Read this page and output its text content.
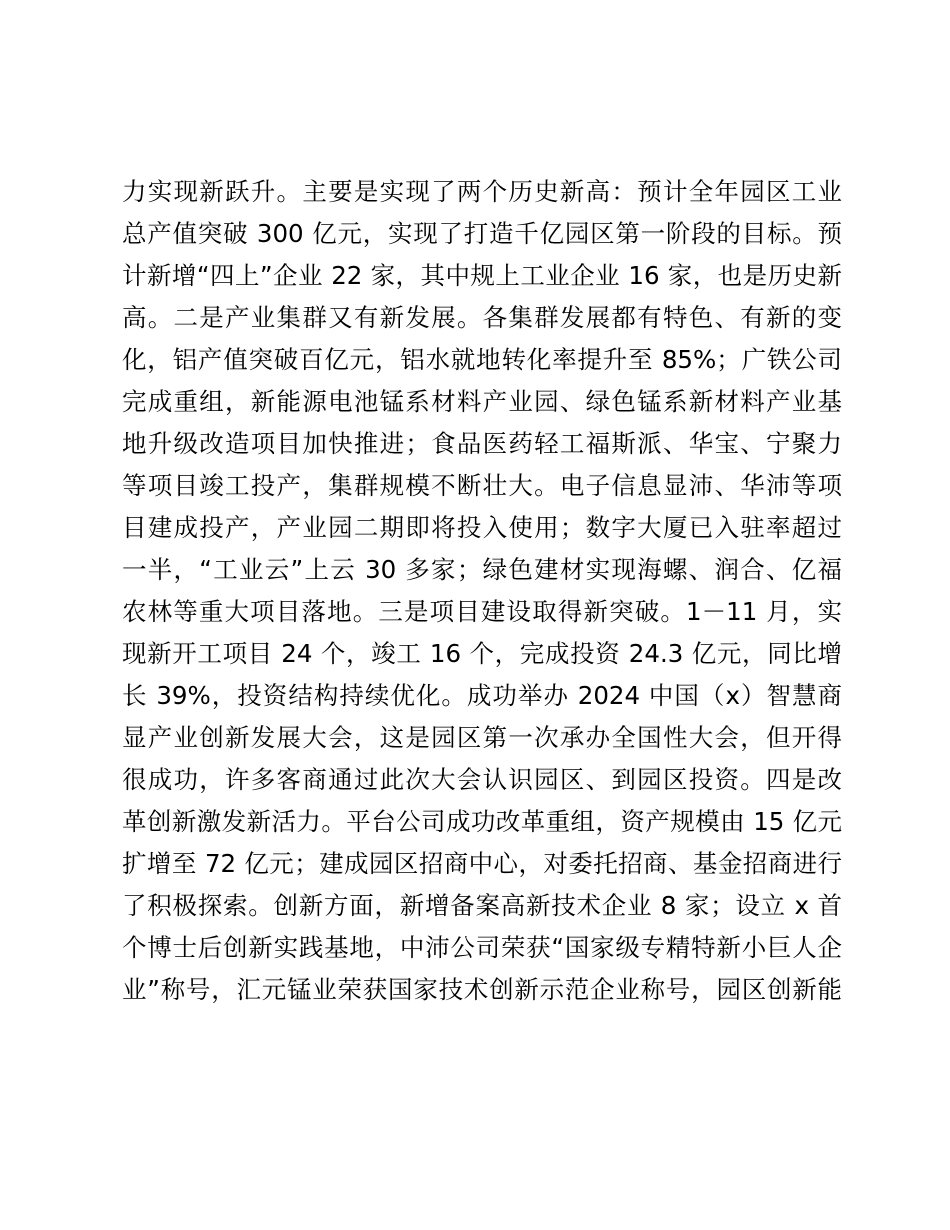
力实现新跃升。主要是实现了两个历史新高：预计全年园区工业
总产值突破 300 亿元，实现了打造千亿园区第一阶段的目标。预
计新增“四上”企业 22 家，其中规上工业企业 16 家，也是历史新
高。二是产业集群又有新发展。各集群发展都有特色、有新的变
化，铝产值突破百亿元，铝水就地转化率提升至 85%；广铁公司
完成重组，新能源电池锰系材料产业园、绿色锰系新材料产业基
地升级改造项目加快推进；食品医药轻工福斯派、华宝、宁聚力
等项目竣工投产，集群规模不断壮大。电子信息显沛、华沛等项
目建成投产，产业园二期即将投入使用；数字大厦已入驻率超过
一半，“工业云”上云 30 多家；绿色建材实现海螺、润合、亿福
农林等重大项目落地。三是项目建设取得新突破。1－11 月，实
现新开工项目 24 个，竣工 16 个，完成投资 24.3 亿元，同比增
长 39%，投资结构持续优化。成功举办 2024 中国（x）智慧商
显产业创新发展大会，这是园区第一次承办全国性大会，但开得
很成功，许多客商通过此次大会认识园区、到园区投资。四是改
革创新激发新活力。平台公司成功改革重组，资产规模由 15 亿元
扩增至 72 亿元；建成园区招商中心，对委托招商、基金招商进行
了积极探索。创新方面，新增备案高新技术企业 8 家；设立 x 首
个博士后创新实践基地，中沛公司荣获“国家级专精特新小巨人企
业”称号，汇元锰业荣获国家技术创新示范企业称号，园区创新能
